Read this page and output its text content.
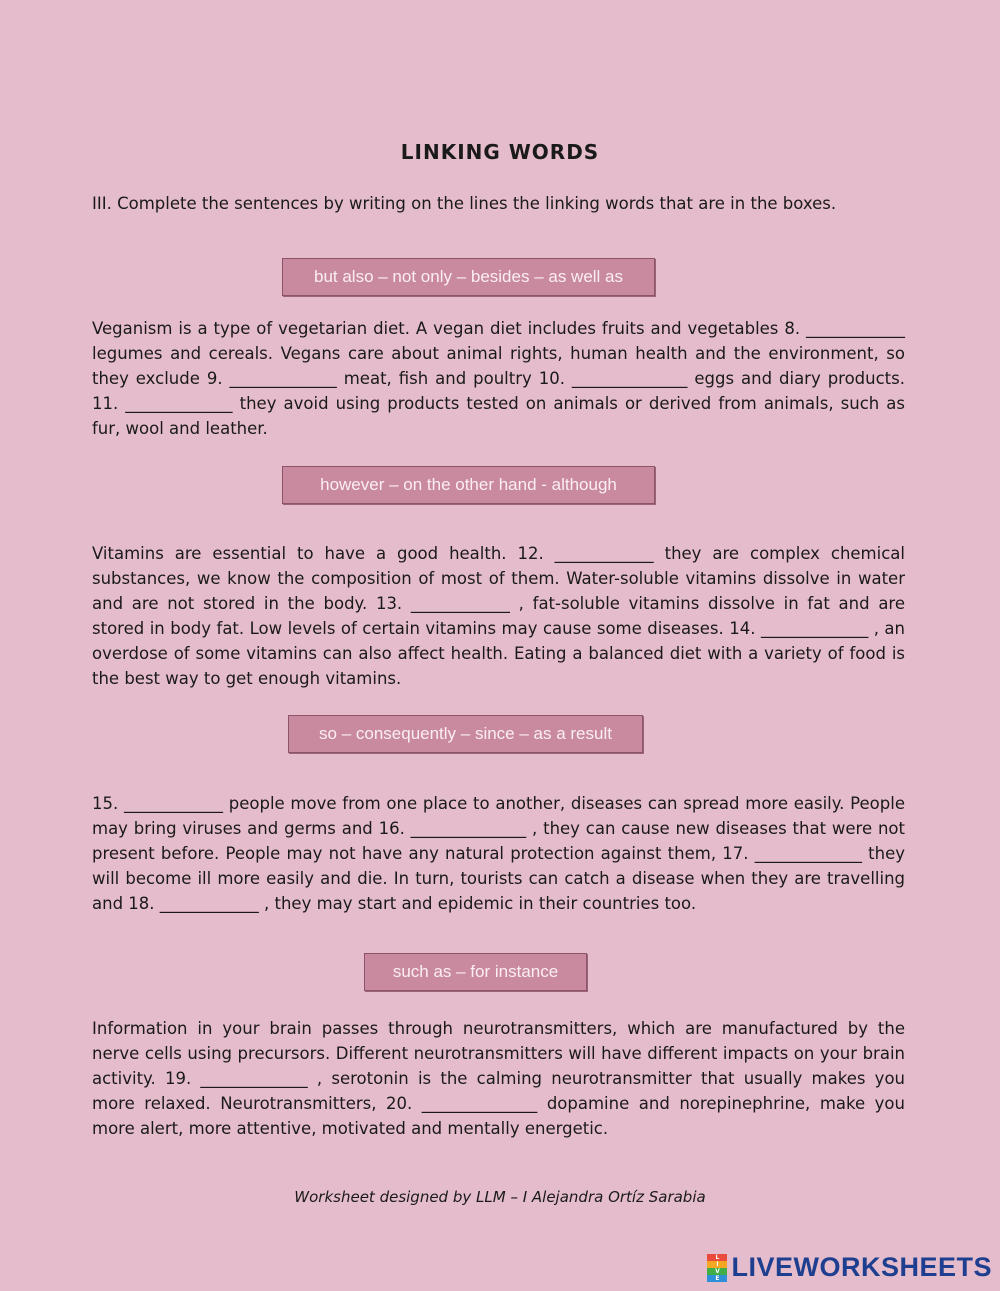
LINKING WORDS
III. Complete the sentences by writing on the lines the linking words that are in the boxes.
but also – not only – besides – as well as
Veganism is a type of vegetarian diet. A vegan diet includes fruits and vegetables 8. ____________ legumes and cereals. Vegans care about animal rights, human health and the environment, so they exclude 9. _____________ meat, fish and poultry 10. ______________ eggs and diary products. 11. _____________ they avoid using products tested on animals or derived from animals, such as fur, wool and leather.
however – on the other hand - although
Vitamins are essential to have a good health. 12. ____________ they are complex chemical substances, we know the composition of most of them. Water-soluble vitamins dissolve in water and are not stored in the body. 13. ____________ , fat-soluble vitamins dissolve in fat and are stored in body fat. Low levels of certain vitamins may cause some diseases. 14. _____________ , an overdose of some vitamins can also affect health. Eating a balanced diet with a variety of food is the best way to get enough vitamins.
so – consequently – since – as a result
15. ____________ people move from one place to another, diseases can spread more easily. People may bring viruses and germs and 16. ______________ , they can cause new diseases that were not present before. People may not have any natural protection against them, 17. _____________ they will become ill more easily and die. In turn, tourists can catch a disease when they are travelling and 18. ____________ , they may start and epidemic in their countries too.
such as – for instance
Information in your brain passes through neurotransmitters, which are manufactured by the nerve cells using precursors. Different neurotransmitters will have different impacts on your brain activity. 19. _____________ , serotonin is the calming neurotransmitter that usually makes you more relaxed. Neurotransmitters, 20. ______________ dopamine and norepinephrine, make you more alert, more attentive, motivated and mentally energetic.
Worksheet designed by LLM – I Alejandra Ortíz Sarabia
L
I
V
E LIVEWORKSHEETS
